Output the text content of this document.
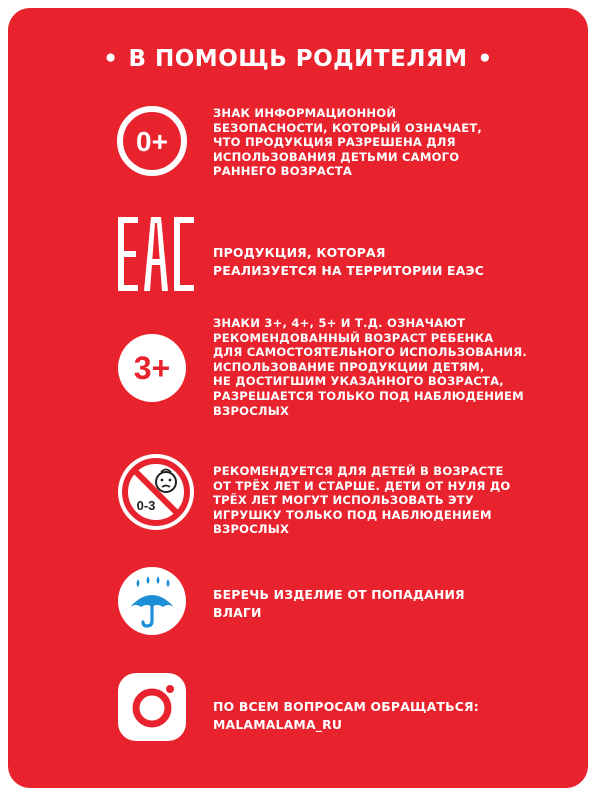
• В ПОМОЩЬ РОДИТЕЛЯМ •
0+
ЗНАК ИНФОРМАЦИОННОЙ
БЕЗОПАСНОСТИ, КОТОРЫЙ ОЗНАЧАЕТ,
ЧТО ПРОДУКЦИЯ РАЗРЕШЕНА ДЛЯ
ИСПОЛЬЗОВАНИЯ ДЕТЬМИ САМОГО
РАННЕГО ВОЗРАСТА
ПРОДУКЦИЯ, КОТОРАЯ
РЕАЛИЗУЕТСЯ НА ТЕРРИТОРИИ ЕАЭС
3+
ЗНАКИ 3+, 4+, 5+ И Т.Д. ОЗНАЧАЮТ
РЕКОМЕНДОВАННЫЙ ВОЗРАСТ РЕБЕНКА
ДЛЯ САМОСТОЯТЕЛЬНОГО ИСПОЛЬЗОВАНИЯ.
ИСПОЛЬЗОВАНИЕ ПРОДУКЦИИ ДЕТЯМ,
НЕ ДОСТИГШИМ УКАЗАННОГО ВОЗРАСТА,
РАЗРЕШАЕТСЯ ТОЛЬКО ПОД НАБЛЮДЕНИЕМ
ВЗРОСЛЫХ
0-3
РЕКОМЕНДУЕТСЯ ДЛЯ ДЕТЕЙ В ВОЗРАСТЕ
ОТ ТРЁХ ЛЕТ И СТАРШЕ. ДЕТИ ОТ НУЛЯ ДО
ТРЁХ ЛЕТ МОГУТ ИСПОЛЬЗОВАТЬ ЭТУ
ИГРУШКУ ТОЛЬКО ПОД НАБЛЮДЕНИЕМ
ВЗРОСЛЫХ
БЕРЕЧЬ ИЗДЕЛИЕ ОТ ПОПАДАНИЯ
ВЛАГИ
ПО ВСЕМ ВОПРОСАМ ОБРАЩАТЬСЯ:
MALAMALAMA_RU
